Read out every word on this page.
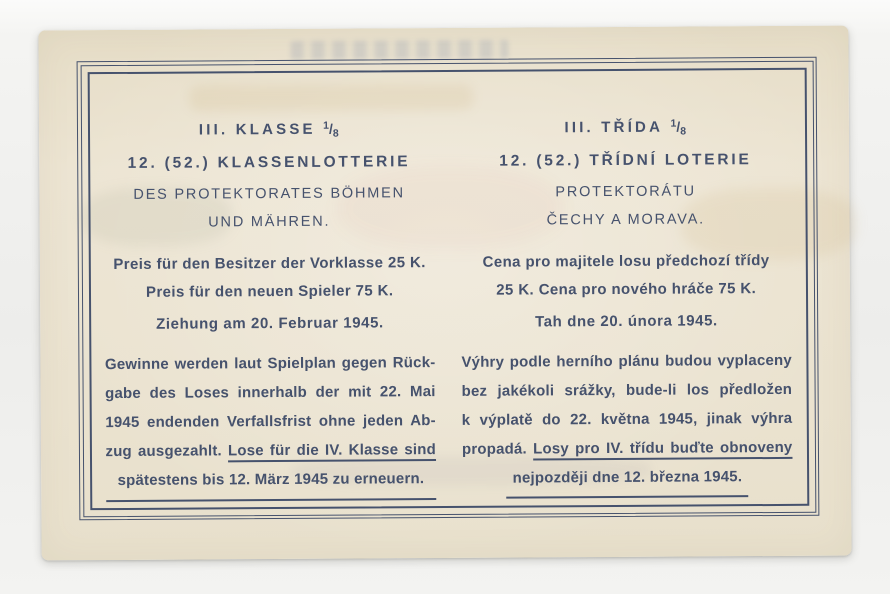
III. KLASSE $^1/_8$
12. (52.) KLASSENLOTTERIE
DES PROTEKTORATES BÖHMEN
UND MÄHREN.
Preis für den Besitzer der Vorklasse 25 K.
Preis für den neuen Spieler 75 K.
Ziehung am 20. Februar 1945.
Gewinne werden laut Spielplan gegen Rück-
gabe des Loses innerhalb der mit 22. Mai
1945 endenden Verfallsfrist ohne jeden Ab-
zug ausgezahlt. Lose für die IV. Klasse sind
spätestens bis 12. März 1945 zu erneuern.
III. TŘÍDA $^1/_8$
12. (52.) TŘÍDNÍ LOTERIE
PROTEKTORÁTU
ČECHY A MORAVA.
Cena pro majitele losu předchozí třídy
25 K. Cena pro nového hráče 75 K.
Tah dne 20. února 1945.
Výhry podle herního plánu budou vyplaceny
bez jakékoli srážky, bude-li los předložen
k výplatě do 22. května 1945, jinak výhra
propadá. Losy pro IV. třídu buďte obnoveny
nejpozději dne 12. března 1945.
